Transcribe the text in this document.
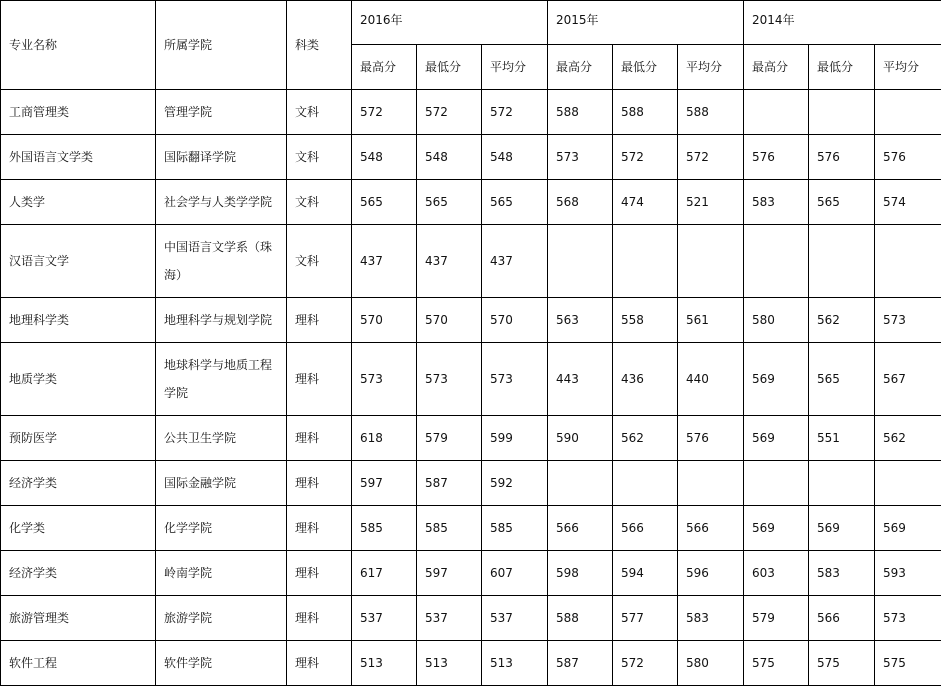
专业名称	所属学院	科类	2016年			2015年			2014年		
			最高分	最低分	平均分	最高分	最低分	平均分	最高分	最低分	平均分
工商管理类	管理学院	文科	572	572	572	588	588	588			
外国语言文学类	国际翻译学院	文科	548	548	548	573	572	572	576	576	576
人类学	社会学与人类学学院	文科	565	565	565	568	474	521	583	565	574
汉语言文学	中国语言文学系（珠海）	文科	437	437	437						
地理科学类	地理科学与规划学院	理科	570	570	570	563	558	561	580	562	573
地质学类	地球科学与地质工程学院	理科	573	573	573	443	436	440	569	565	567
预防医学	公共卫生学院	理科	618	579	599	590	562	576	569	551	562
经济学类	国际金融学院	理科	597	587	592						
化学类	化学学院	理科	585	585	585	566	566	566	569	569	569
经济学类	岭南学院	理科	617	597	607	598	594	596	603	583	593
旅游管理类	旅游学院	理科	537	537	537	588	577	583	579	566	573
软件工程	软件学院	理科	513	513	513	587	572	580	575	575	575
